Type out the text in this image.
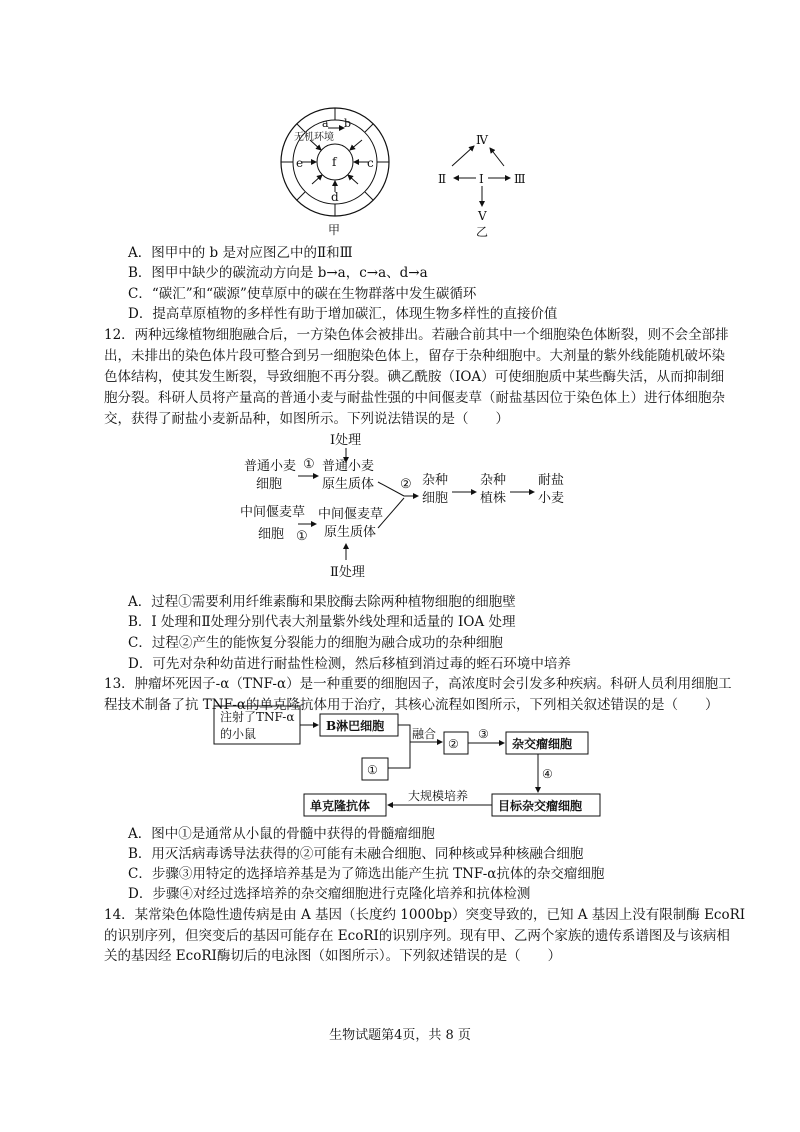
a b
无机环境
e f	c
d
甲
Ⅳ
Ⅱ	Ⅰ	Ⅲ
Ⅴ
乙
A．图甲中的 b 是对应图乙中的Ⅱ和Ⅲ
B．图甲中缺少的碳流动方向是 b→a，c→a、d→a
C．“碳汇”和“碳源”使草原中的碳在生物群落中发生碳循环
D．提高草原植物的多样性有助于增加碳汇，体现生物多样性的直接价值
12．两种远缘植物细胞融合后，一方染色体会被排出。若融合前其中一个细胞染色体断裂，则不会全部排
出，未排出的染色体片段可整合到另一细胞染色体上，留存于杂种细胞中。大剂量的紫外线能随机破坏染
色体结构，使其发生断裂，导致细胞不再分裂。碘乙酰胺（IOA）可使细胞质中某些酶失活，从而抑制细
胞分裂。科研人员将产量高的普通小麦与耐盐性强的中间偃麦草（耐盐基因位于染色体上）进行体细胞杂
交，获得了耐盐小麦新品种，如图所示。下列说法错误的是（　　）
Ⅰ处理
普通小麦
细胞
① 普通小麦
原生质体 ② 杂种
细胞
杂种
植株
耐盐
小麦
中间偃麦草
细胞 ①
中间偃麦草
原生质体
Ⅱ处理
A．过程①需要利用纤维素酶和果胶酶去除两种植物细胞的细胞壁
B．I 处理和Ⅱ处理分别代表大剂量紫外线处理和适量的 IOA 处理
C．过程②产生的能恢复分裂能力的细胞为融合成功的杂种细胞
D．可先对杂种幼苗进行耐盐性检测，然后移植到消过毒的蛭石环境中培养
13．肿瘤坏死因子-α（TNF-α）是一种重要的细胞因子，高浓度时会引发多种疾病。科研人员利用细胞工
程技术制备了抗 TNF-α的单克隆抗体用于治疗，其核心流程如图所示，下列相关叙述错误的是（　　）
注射了TNF-α
的小鼠
B淋巴细胞
融合
②
③
杂交瘤细胞
①	④
目标杂交瘤细胞
大规模培养
单克隆抗体
A．图中①是通常从小鼠的骨髓中获得的骨髓瘤细胞
B．用灭活病毒诱导法获得的②可能有未融合细胞、同种核或异种核融合细胞
C．步骤③用特定的选择培养基是为了筛选出能产生抗 TNF-α抗体的杂交瘤细胞
D．步骤④对经过选择培养的杂交瘤细胞进行克隆化培养和抗体检测
14．某常染色体隐性遗传病是由 A 基因（长度约 1000bp）突变导致的，已知 A 基因上没有限制酶 EcoRI
的识别序列，但突变后的基因可能存在 EcoRI的识别序列。现有甲、乙两个家族的遗传系谱图及与该病相
关的基因经 EcoRI酶切后的电泳图（如图所示）。下列叙述错误的是（　　）
生物试题第4页，共 8 页
